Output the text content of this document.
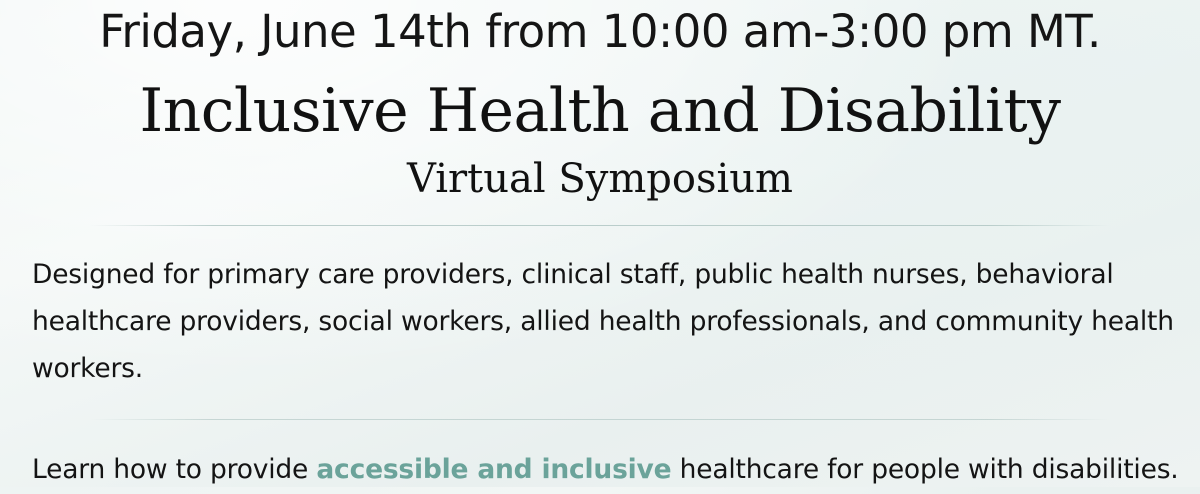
Friday, June 14th from 10:00 am-3:00 pm MT.
Inclusive Health and Disability
Virtual Symposium

Designed for primary care providers, clinical staff, public health nurses, behavioral healthcare providers, social workers, allied health professionals, and community health workers.

Learn how to provide accessible and inclusive healthcare for people with disabilities.
